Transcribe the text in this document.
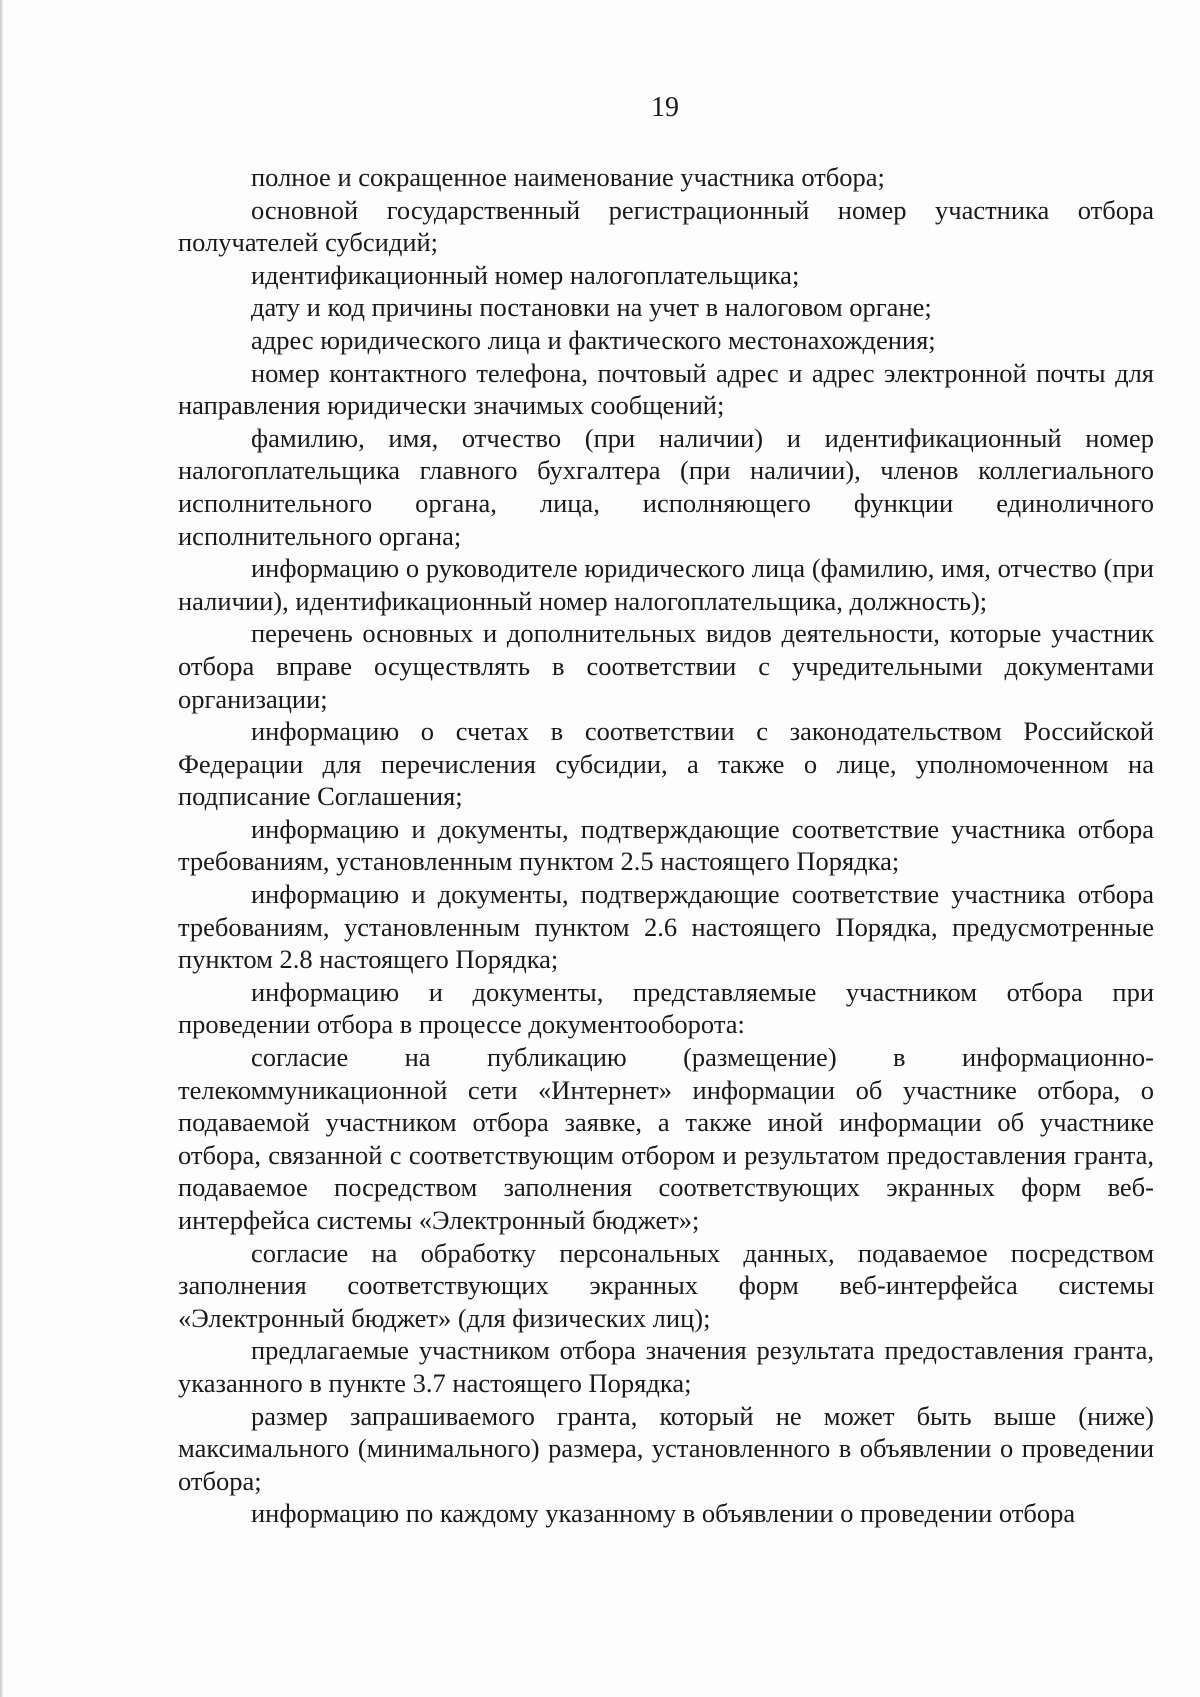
19

полное и сокращенное наименование участника отбора;

основной государственный регистрационный номер участника отбора получателей субсидий;

идентификационный номер налогоплательщика;

дату и код причины постановки на учет в налоговом органе;

адрес юридического лица и фактического местонахождения;

номер контактного телефона, почтовый адрес и адрес электронной почты для направления юридически значимых сообщений;

фамилию, имя, отчество (при наличии) и идентификационный номер налогоплательщика главного бухгалтера (при наличии), членов коллегиального исполнительного органа, лица, исполняющего функции единоличного исполнительного органа;

информацию о руководителе юридического лица (фамилию, имя, отчество (при наличии), идентификационный номер налогоплательщика, должность);

перечень основных и дополнительных видов деятельности, которые участник отбора вправе осуществлять в соответствии с учредительными документами организации;

информацию о счетах в соответствии с законодательством Российской Федерации для перечисления субсидии, а также о лице, уполномоченном на подписание Соглашения;

информацию и документы, подтверждающие соответствие участника отбора требованиям, установленным пунктом 2.5 настоящего Порядка;

информацию и документы, подтверждающие соответствие участника отбора требованиям, установленным пунктом 2.6 настоящего Порядка, предусмотренные пунктом 2.8 настоящего Порядка;

информацию и документы, представляемые участником отбора при проведении отбора в процессе документооборота:

согласие на публикацию (размещение) в информационно-телекоммуникационной сети «Интернет» информации об участнике отбора, о подаваемой участником отбора заявке, а также иной информации об участнике отбора, связанной с соответствующим отбором и результатом предоставления гранта, подаваемое посредством заполнения соответствующих экранных форм веб-интерфейса системы «Электронный бюджет»;

согласие на обработку персональных данных, подаваемое посредством заполнения соответствующих экранных форм веб-интерфейса системы «Электронный бюджет» (для физических лиц);

предлагаемые участником отбора значения результата предоставления гранта, указанного в пункте 3.7 настоящего Порядка;

размер запрашиваемого гранта, который не может быть выше (ниже) максимального (минимального) размера, установленного в объявлении о проведении отбора;

информацию по каждому указанному в объявлении о проведении отбора
